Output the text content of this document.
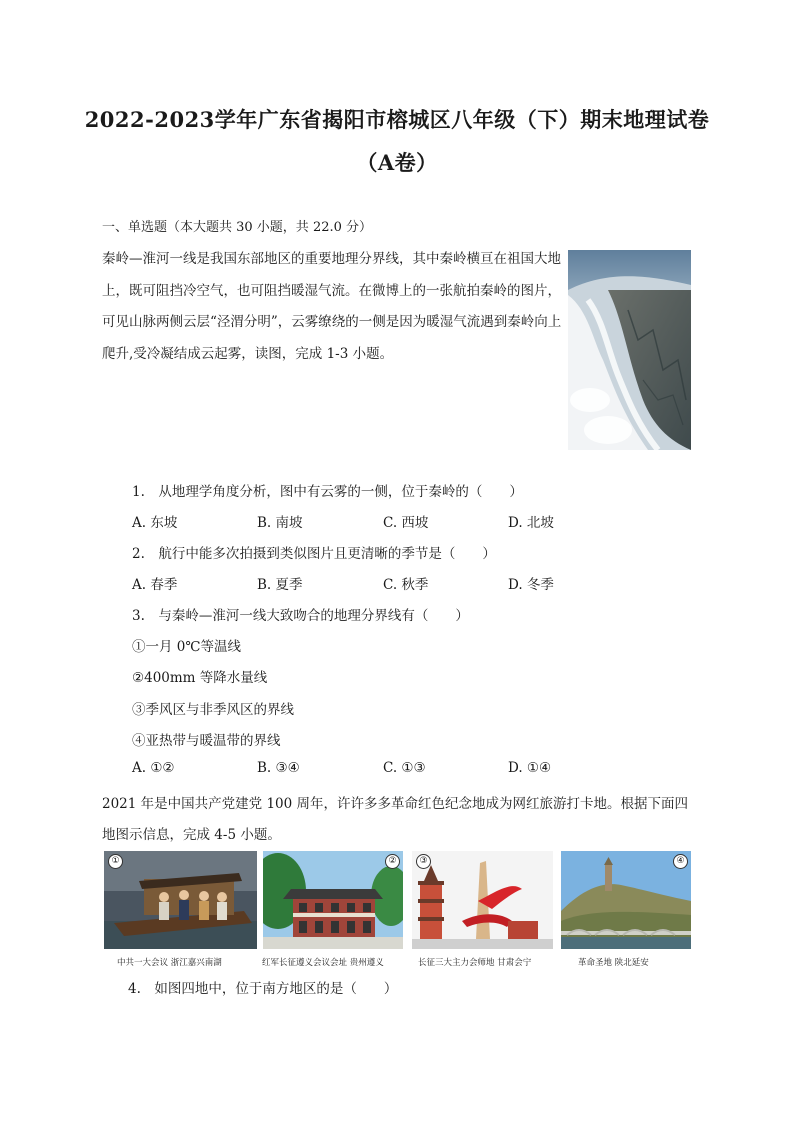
2022-2023学年广东省揭阳市榕城区八年级（下）期末地理试卷
（A卷）
一、单选题（本大题共 30 小题，共 22.0 分）
秦岭—淮河一线是我国东部地区的重要地理分界线，其中秦岭横亘在祖国大地上，既可阻挡冷空气，也可阻挡暖湿气流。在微博上的一张航拍秦岭的图片，可见山脉两侧云层“泾渭分明”，云雾缭绕的一侧是因为暖湿气流遇到秦岭向上爬升,受冷凝结成云起雾，读图，完成 1-3 小题。
1.　从地理学角度分析，图中有云雾的一侧，位于秦岭的（　　）
A. 东坡	B. 南坡	C. 西坡	D. 北坡
2.　航行中能多次拍摄到类似图片且更清晰的季节是（　　）
A. 春季	B. 夏季	C. 秋季	D. 冬季
3.　与秦岭—淮河一线大致吻合的地理分界线有（　　）
①一月 0℃等温线
②400mm 等降水量线
③季风区与非季风区的界线
④亚热带与暖温带的界线
A. ①②	B. ③④	C. ①③	D. ①④
2021 年是中国共产党建党 100 周年，许许多多革命红色纪念地成为网红旅游打卡地。根据下面四地图示信息，完成 4-5 小题。
①	②	③	④
中共一大会议 浙江嘉兴南湖	红军长征遵义会议会址 贵州遵义	长征三大主力会师地 甘肃会宁	革命圣地 陕北延安
4.　如图四地中，位于南方地区的是（　　）
